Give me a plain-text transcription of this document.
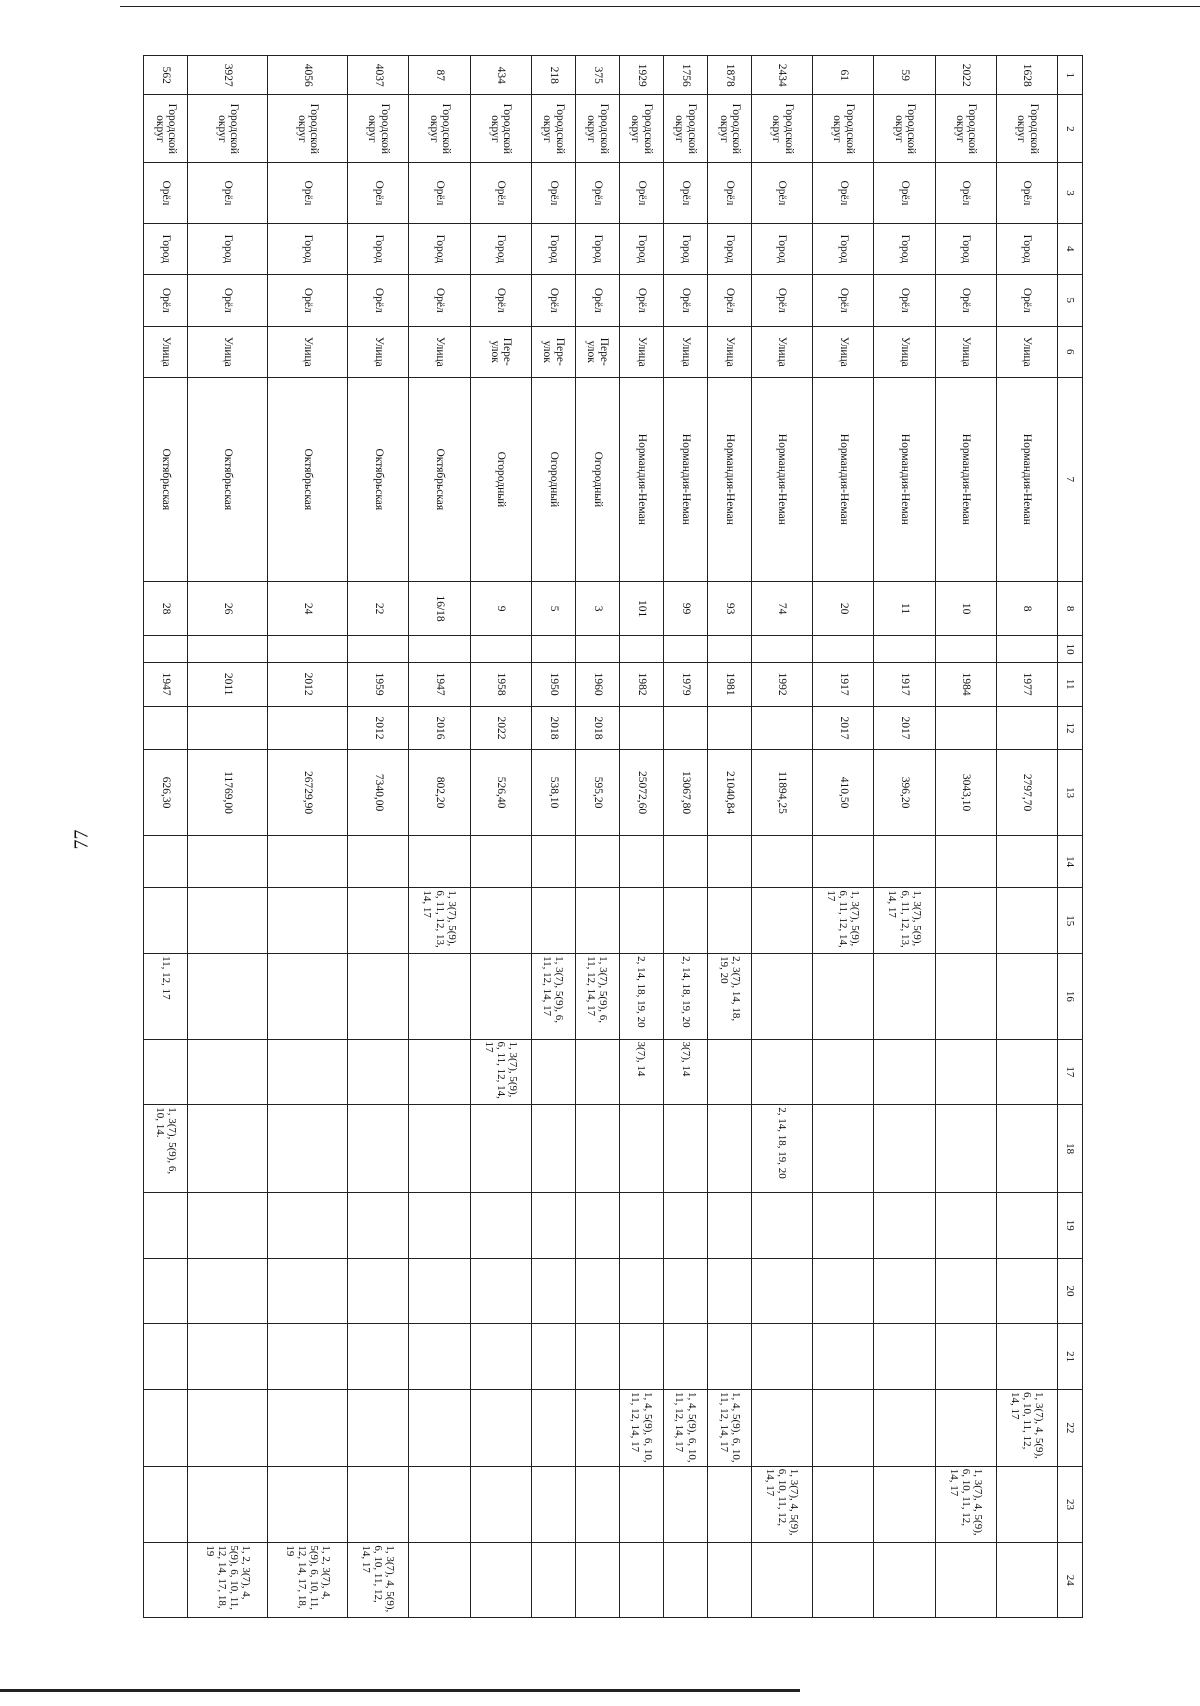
77
1	2	3	4	5	6	7	8	10	11	12	13	14	15	16	17	18	19	20	21	22	23	24
1628	Городской округ	Орёл	Город	Орёл	Улица	Нормандия-Неман	8		1977		2797,70									1, 3(7), 4, 5(9), 6, 10, 11, 12, 14, 17		
2022	Городской округ	Орёл	Город	Орёл	Улица	Нормандия-Неман	10		1984		3043,10										1, 3(7), 4, 5(9), 6, 10, 11, 12, 14, 17	
59	Городской округ	Орёл	Город	Орёл	Улица	Нормандия-Неман	11		1917	2017	396,20		1, 3(7), 5(9), 6, 11, 12, 13, 14, 17									
61	Городской округ	Орёл	Город	Орёл	Улица	Нормандия-Неман	20		1917	2017	410,50		1, 3(7), 5(9), 6, 11, 12, 14, 17									
2434	Городской округ	Орёл	Город	Орёл	Улица	Нормандия-Неман	74		1992		11894,25					2, 14, 18, 19, 20					1, 3(7), 4, 5(9), 6, 10, 11, 12, 14, 17	
1878	Городской округ	Орёл	Город	Орёл	Улица	Нормандия-Неман	93		1981		21040,84			2, 3(7), 14, 18, 19, 20						1, 4, 5(9), 6, 10, 11, 12, 14, 17		
1756	Городской округ	Орёл	Город	Орёл	Улица	Нормандия-Неман	99		1979		13067,80			2, 14, 18, 19, 20	3(7), 14					1, 4, 5(9), 6, 10, 11, 12, 14, 17		
1929	Городской округ	Орёл	Город	Орёл	Улица	Нормандия-Неман	101		1982		25072,60			2, 14, 18, 19, 20	3(7), 14					1, 4, 5(9), 6, 10, 11, 12, 14, 17		
375	Городской округ	Орёл	Город	Орёл	Пере-улок	Огородный	3		1960	2018	595,20			1, 3(7), 5(9), 6, 11, 12, 14, 17								
218	Городской округ	Орёл	Город	Орёл	Пере-улок	Огородный	5		1950	2018	538,10			1, 3(7), 5(9), 6, 11, 12, 14, 17								
434	Городской округ	Орёл	Город	Орёл	Пере-улок	Огородный	9		1958	2022	526,40				1, 3(7), 5(9), 6, 11, 12, 14, 17							
87	Городской округ	Орёл	Город	Орёл	Улица	Октябрьская	16/18		1947	2016	802,20		1, 3(7), 5(9), 6, 11, 12, 13, 14, 17									
4037	Городской округ	Орёл	Город	Орёл	Улица	Октябрьская	22		1959	2012	7340,00											1, 3(7), 4, 5(9), 6, 10, 11, 12, 14, 17
4056	Городской округ	Орёл	Город	Орёл	Улица	Октябрьская	24		2012		26729,90											1, 2, 3(7), 4, 5(9), 6, 10, 11, 12, 14, 17, 18, 19
3927	Городской округ	Орёл	Город	Орёл	Улица	Октябрьская	26		2011		11769,00											1, 2, 3(7), 4, 5(9), 6, 10, 11, 12, 14, 17, 18, 19
562	Городской округ	Орёл	Город	Орёл	Улица	Октябрьская	28		1947		626,30			11, 12, 17		1, 3(7), 5(9), 6, 10, 14.						
